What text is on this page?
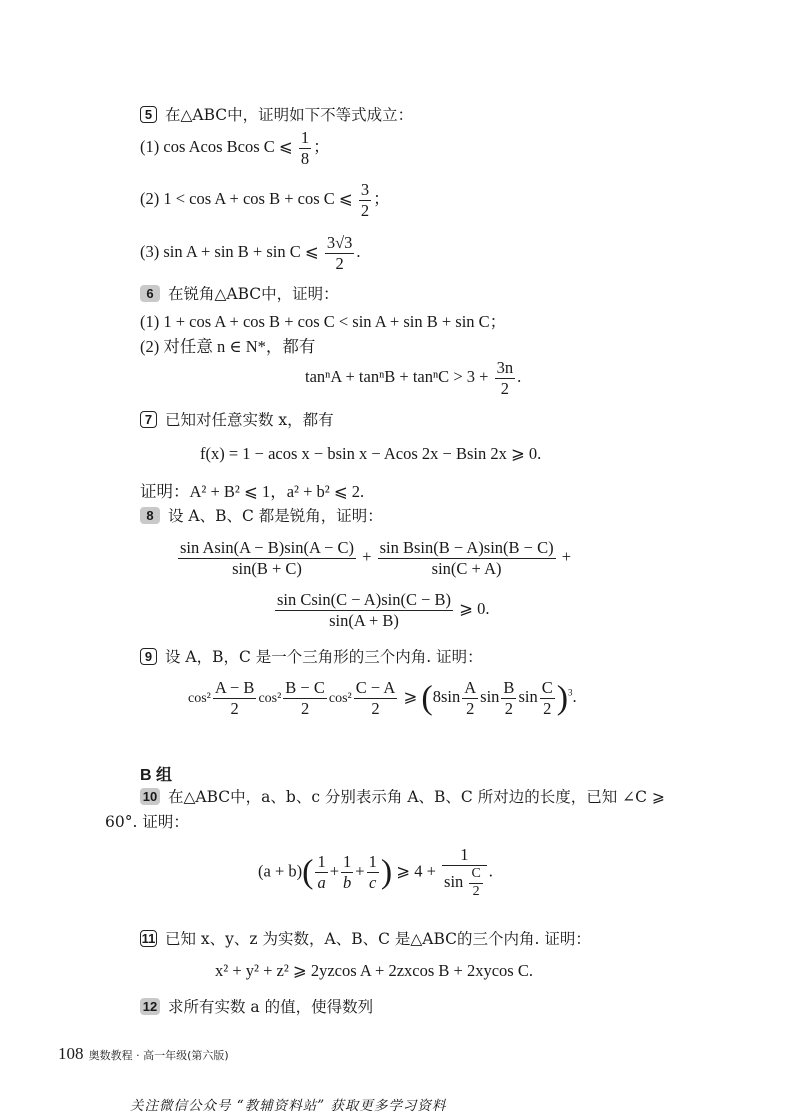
5 在△ABC中，证明如下不等式成立：
(1) cos Acos Bcos C ⩽ $\frac{1}{8}$ ；
(2) 1 < cos A + cos B + cos C ⩽ $\frac{3}{2}$ ；
(3) sin A + sin B + sin C ⩽ $\frac{3√3}{2}$ .
6 在锐角△ABC中，证明：
(1) 1 + cos A + cos B + cos C < sin A + sin B + sin C；
(2) 对任意 n ∈ N*，都有
$\tan^nA + \tan^nB + \tan^nC > 3 + \frac{3n}{2}$ .
7 已知对任意实数 x，都有
f(x) = 1 − acos x − bsin x − Acos 2x − Bsin 2x ⩾ 0.
证明：A² + B² ⩽ 1，a² + b² ⩽ 2.
8 设 A、B、C 都是锐角，证明：
$\frac{\text{sin Asin(A − B)sin(A − C)}}{\sin(B + C)} + \frac{\text{sin Bsin(B − A)sin(B − C)}}{\sin(C + A)}$ +
$\frac{\text{sin Csin(C − A)sin(C − B)}}{\sin(A + B)}$ ⩾ 0.
9 设 A，B，C 是一个三角形的三个内角. 证明：
$\cos^2 \frac{A - B}{2} \cos^2 \frac{B - C}{2} \cos^2 \frac{C - A}{2}$ ⩾ ($8\sin \frac{A}{2}$ $\sin \frac{B}{2}$ $\sin \frac{C}{2} )^3$.
B 组
10 在△ABC中，a、b、c 分别表示角 A、B、C 所对边的长度，已知 ∠C ⩾
60°. 证明：
$(a + b)( \frac{1}{a} + \frac{1}{b} + \frac{1}{c}$ ) ⩾ $4 + \frac{1}{\sin \frac{C}{2}}$ .
11 已知 x、y、z 为实数，A、B、C 是△ABC的三个内角. 证明：
x² + y² + z² ⩾ 2yzcos A + 2zxcos B + 2xycos C.
12 求所有实数 a 的值，使得数列
108 奥数教程 · 高一年级(第六版)
关注微信公众号 “教辅资料站” 获取更多学习资料
